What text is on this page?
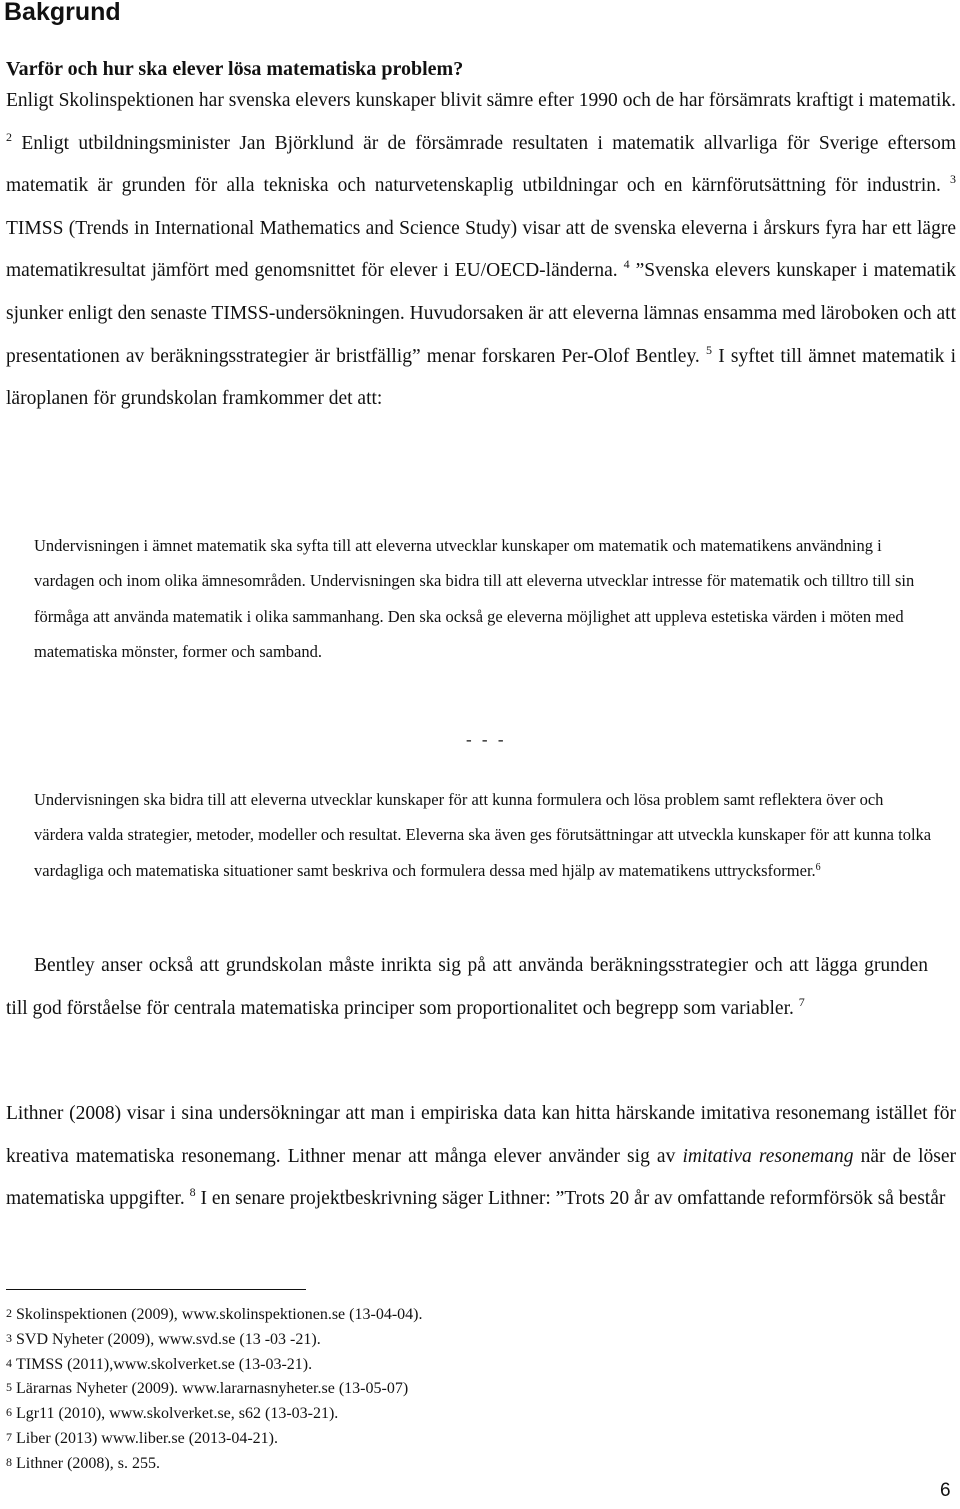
Bakgrund
Varför och hur ska elever lösa matematiska problem?

Enligt Skolinspektionen har svenska elevers kunskaper blivit sämre efter 1990 och de har försämrats kraftigt i matematik. $^2$ Enligt utbildningsminister Jan Björklund är de försämrade resultaten i matematik allvarliga för Sverige eftersom matematik är grunden för alla tekniska och naturvetenskaplig utbildningar och en kärnförutsättning för industrin. $^3$ TIMSS (Trends in International Mathematics and Science Study) visar att de svenska eleverna i årskurs fyra har ett lägre matematikresultat jämfört med genomsnittet för elever i EU/OECD-länderna. $^4$ ”Svenska elevers kunskaper i matematik sjunker enligt den senaste TIMSS-undersökningen. Huvudorsaken är att eleverna lämnas ensamma med läroboken och att presentationen av beräkningsstrategier är bristfällig” menar forskaren Per-Olof Bentley. $^5$ I syftet till ämnet matematik i läroplanen för grundskolan framkommer det att:

Undervisningen i ämnet matematik ska syfta till att eleverna utvecklar kunskaper om matematik och matematikens användning i vardagen och inom olika ämnesområden. Undervisningen ska bidra till att eleverna utvecklar intresse för matematik och tilltro till sin förmåga att använda matematik i olika sammanhang. Den ska också ge eleverna möjlighet att uppleva estetiska värden i möten med matematiska mönster, former och samband.

- - -

Undervisningen ska bidra till att eleverna utvecklar kunskaper för att kunna formulera och lösa problem samt reflektera över och värdera valda strategier, metoder, modeller och resultat. Eleverna ska även ges förutsättningar att utveckla kunskaper för att kunna tolka vardagliga och matematiska situationer samt beskriva och formulera dessa med hjälp av matematikens uttrycksformer.$^6$

Bentley anser också att grundskolan måste inrikta sig på att använda beräkningsstrategier och att lägga grunden till god förståelse för centrala matematiska principer som proportionalitet och begrepp som variabler. $^7$

Lithner (2008) visar i sina undersökningar att man i empiriska data kan hitta härskande imitativa resonemang istället för kreativa matematiska resonemang. Lithner menar att många elever använder sig av imitativa resonemang när de löser matematiska uppgifter. $^8$ I en senare projektbeskrivning säger Lithner: ”Trots 20 år av omfattande reformförsök så består

2 Skolinspektionen (2009), www.skolinspektionen.se (13-04-04).
3 SVD Nyheter (2009), www.svd.se (13 -03 -21).
4 TIMSS (2011),www.skolverket.se (13-03-21).
5 Lärarnas Nyheter (2009). www.lararnasnyheter.se (13-05-07)
6 Lgr11 (2010), www.skolverket.se, s62 (13-03-21).
7 Liber (2013) www.liber.se (2013-04-21).
8 Lithner (2008), s. 255.
6
